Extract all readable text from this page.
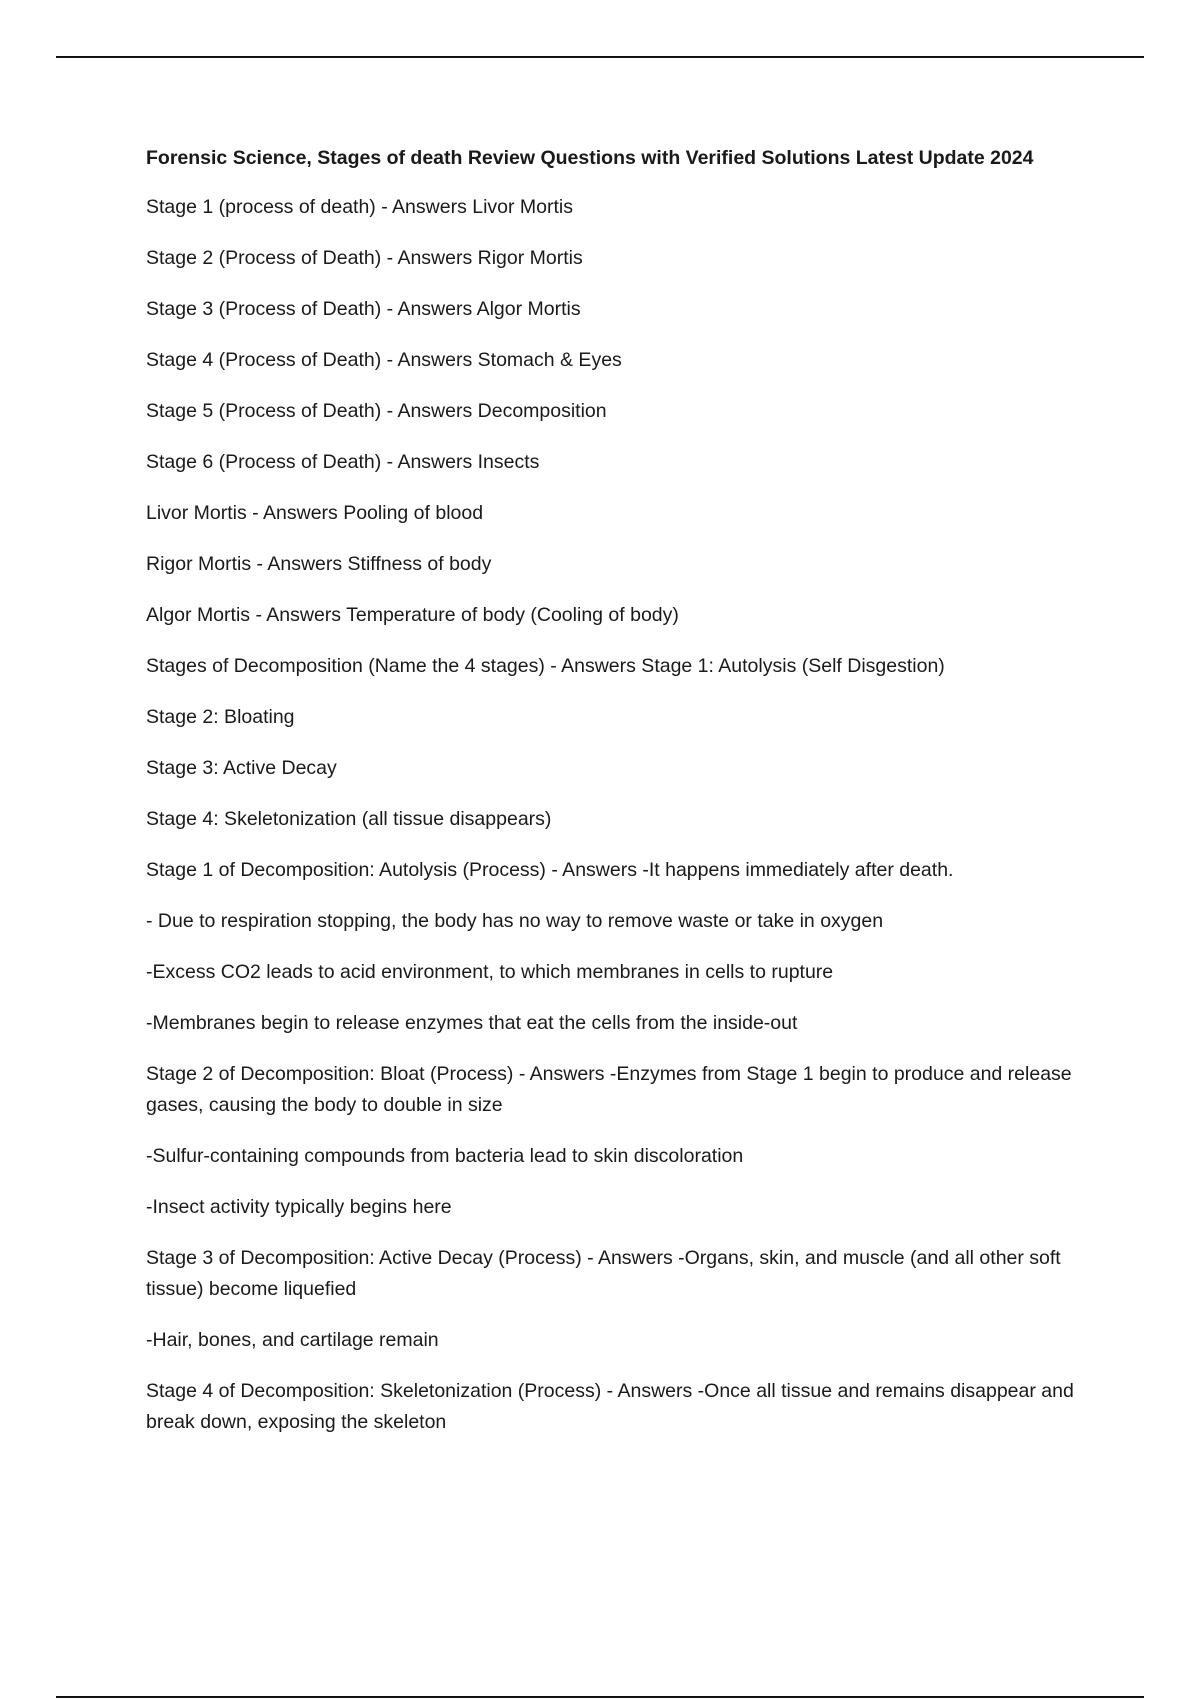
Forensic Science, Stages of death Review Questions with Verified Solutions Latest Update 2024
Stage 1 (process of death) - Answers Livor Mortis
Stage 2 (Process of Death) - Answers Rigor Mortis
Stage 3 (Process of Death) - Answers Algor Mortis
Stage 4 (Process of Death) - Answers Stomach & Eyes
Stage 5 (Process of Death) - Answers Decomposition
Stage 6 (Process of Death) - Answers Insects
Livor Mortis - Answers Pooling of blood
Rigor Mortis - Answers Stiffness of body
Algor Mortis - Answers Temperature of body (Cooling of body)
Stages of Decomposition (Name the 4 stages) - Answers Stage 1: Autolysis (Self Disgestion)
Stage 2: Bloating
Stage 3: Active Decay
Stage 4: Skeletonization (all tissue disappears)
Stage 1 of Decomposition: Autolysis (Process) - Answers -It happens immediately after death.
- Due to respiration stopping, the body has no way to remove waste or take in oxygen
-Excess CO2 leads to acid environment, to which membranes in cells to rupture
-Membranes begin to release enzymes that eat the cells from the inside-out
Stage 2 of Decomposition: Bloat (Process) - Answers -Enzymes from Stage 1 begin to produce and release gases, causing the body to double in size
-Sulfur-containing compounds from bacteria lead to skin discoloration
-Insect activity typically begins here
Stage 3 of Decomposition: Active Decay (Process) - Answers -Organs, skin, and muscle (and all other soft tissue) become liquefied
-Hair, bones, and cartilage remain
Stage 4 of Decomposition: Skeletonization (Process) - Answers -Once all tissue and remains disappear and break down, exposing the skeleton
